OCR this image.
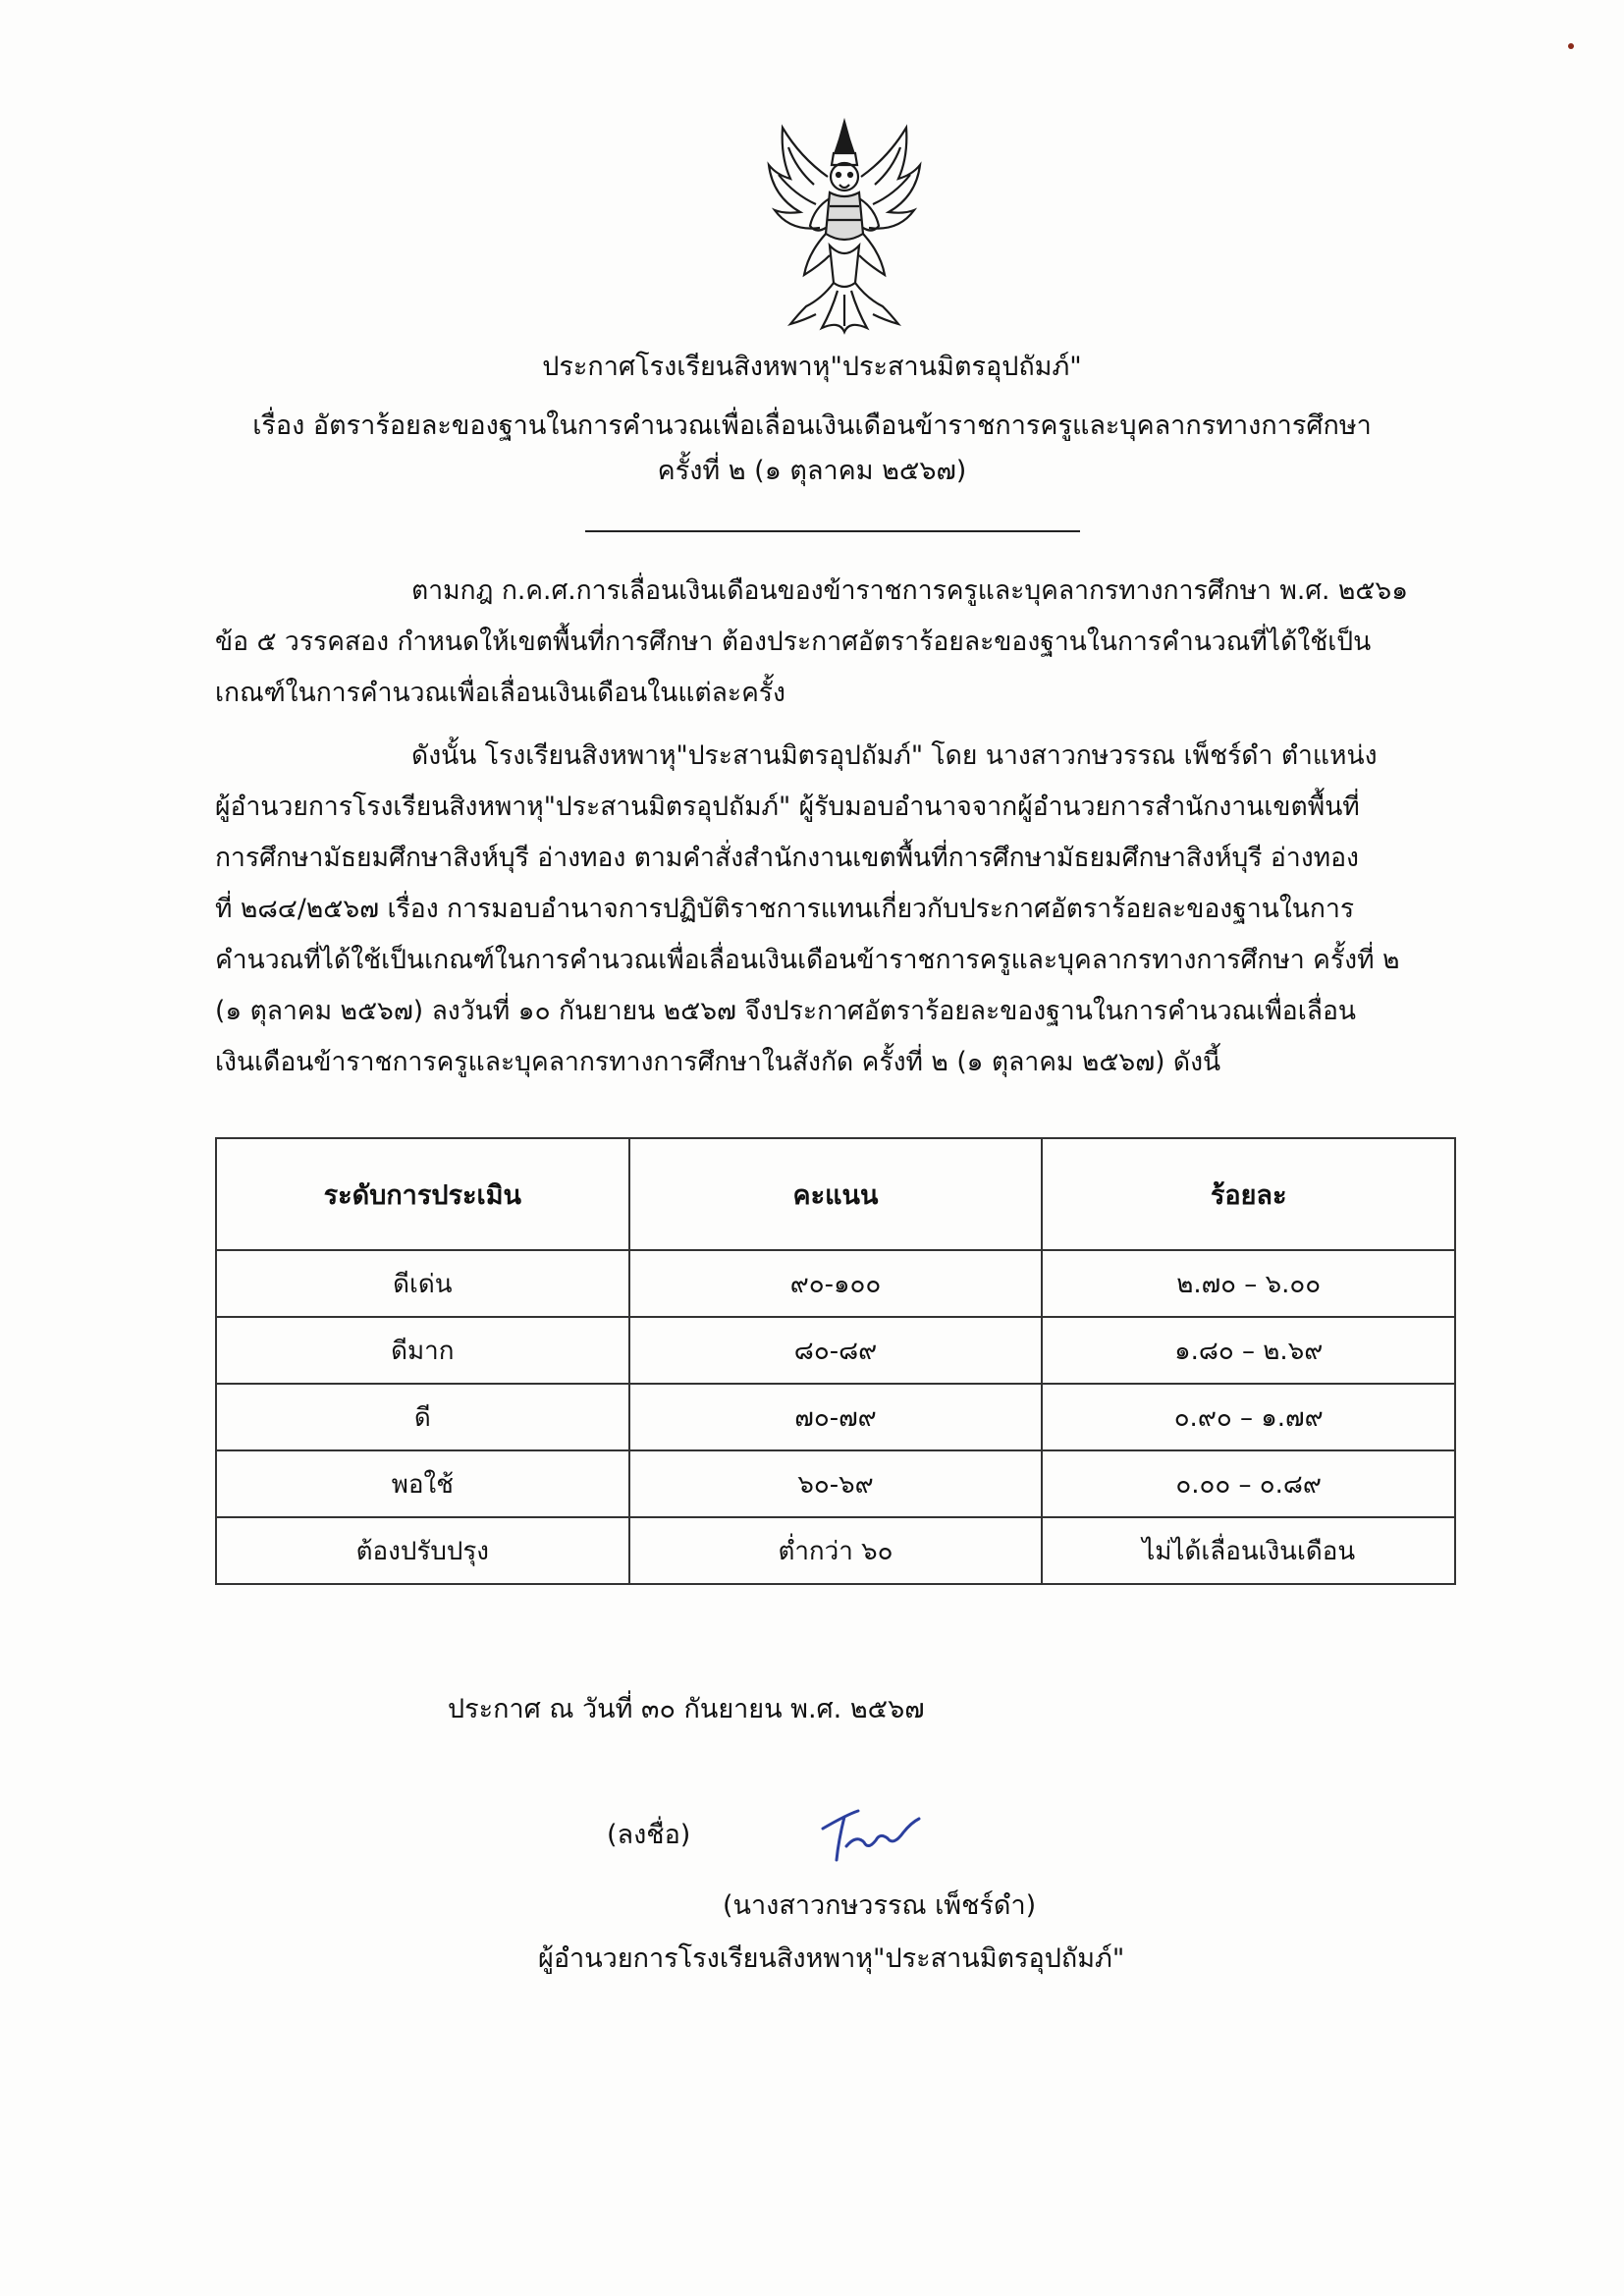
ประกาศโรงเรียนสิงหพาหุ"ประสานมิตรอุปถัมภ์"
เรื่อง อัตราร้อยละของฐานในการคำนวณเพื่อเลื่อนเงินเดือนข้าราชการครูและบุคลากรทางการศึกษา
ครั้งที่ ๒ (๑ ตุลาคม ๒๕๖๗)
ตามกฎ ก.ค.ศ.การเลื่อนเงินเดือนของข้าราชการครูและบุคลากรทางการศึกษา พ.ศ. ๒๕๖๑
ข้อ ๕ วรรคสอง กำหนดให้เขตพื้นที่การศึกษา ต้องประกาศอัตราร้อยละของฐานในการคำนวณที่ได้ใช้เป็น
เกณฑ์ในการคำนวณเพื่อเลื่อนเงินเดือนในแต่ละครั้ง
ดังนั้น โรงเรียนสิงหพาหุ"ประสานมิตรอุปถัมภ์" โดย นางสาวกษวรรณ เพ็ชร์ดำ ตำแหน่ง
ผู้อำนวยการโรงเรียนสิงหพาหุ"ประสานมิตรอุปถัมภ์" ผู้รับมอบอำนาจจากผู้อำนวยการสำนักงานเขตพื้นที่
การศึกษามัธยมศึกษาสิงห์บุรี อ่างทอง ตามคำสั่งสำนักงานเขตพื้นที่การศึกษามัธยมศึกษาสิงห์บุรี อ่างทอง
ที่ ๒๘๔/๒๕๖๗ เรื่อง การมอบอำนาจการปฏิบัติราชการแทนเกี่ยวกับประกาศอัตราร้อยละของฐานในการ
คำนวณที่ได้ใช้เป็นเกณฑ์ในการคำนวณเพื่อเลื่อนเงินเดือนข้าราชการครูและบุคลากรทางการศึกษา ครั้งที่ ๒
(๑ ตุลาคม ๒๕๖๗) ลงวันที่ ๑๐ กันยายน ๒๕๖๗ จึงประกาศอัตราร้อยละของฐานในการคำนวณเพื่อเลื่อน
เงินเดือนข้าราชการครูและบุคลากรทางการศึกษาในสังกัด ครั้งที่ ๒ (๑ ตุลาคม ๒๕๖๗) ดังนี้
ระดับการประเมิน	คะแนน	ร้อยละ
ดีเด่น	๙๐-๑๐๐	๒.๗๐ – ๖.๐๐
ดีมาก	๘๐-๘๙	๑.๘๐ – ๒.๖๙
ดี	๗๐-๗๙	๐.๙๐ – ๑.๗๙
พอใช้	๖๐-๖๙	๐.๐๐ – ๐.๘๙
ต้องปรับปรุง	ต่ำกว่า ๖๐	ไม่ได้เลื่อนเงินเดือน
ประกาศ ณ วันที่ ๓๐ กันยายน พ.ศ. ๒๕๖๗
(ลงชื่อ)
(นางสาวกษวรรณ เพ็ชร์ดำ)
ผู้อำนวยการโรงเรียนสิงหพาหุ"ประสานมิตรอุปถัมภ์"
